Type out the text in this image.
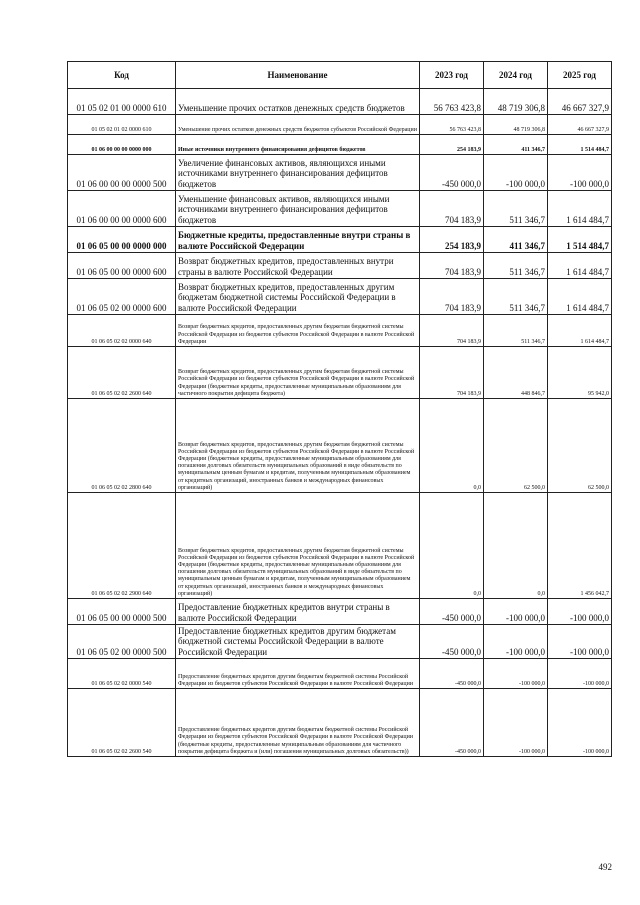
Код	Наименование	2023 год	2024 год	2025 год
01 05 02 01 00 0000 610	Уменьшение прочих остатков денежных средств бюджетов	56 763 423,8	48 719 306,8	46 667 327,9
01 05 02 01 02 0000 610	Уменьшение прочих остатков денежных средств бюджетов субъектов Российской Федерации	56 763 423,8	48 719 306,8	46 667 327,9
01 06 00 00 00 0000 000	Иные источники внутреннего финансирования дефицитов бюджетов	254 183,9	411 346,7	1 514 484,7
01 06 00 00 00 0000 500	Увеличение финансовых активов, являющихся иными источниками внутреннего финансирования дефицитов бюджетов	-450 000,0	-100 000,0	-100 000,0
01 06 00 00 00 0000 600	Уменьшение финансовых активов, являющихся иными источниками внутреннего финансирования дефицитов бюджетов	704 183,9	511 346,7	1 614 484,7
01 06 05 00 00 0000 000	Бюджетные кредиты, предоставленные внутри страны в валюте Российской Федерации	254 183,9	411 346,7	1 514 484,7
01 06 05 00 00 0000 600	Возврат бюджетных кредитов, предоставленных внутри страны в валюте Российской Федерации	704 183,9	511 346,7	1 614 484,7
01 06 05 02 00 0000 600	Возврат бюджетных кредитов, предоставленных другим бюджетам бюджетной системы Российской Федерации в валюте Российской Федерации	704 183,9	511 346,7	1 614 484,7
01 06 05 02 02 0000 640	Возврат бюджетных кредитов, предоставленных другим бюджетам бюджетной системы Российской Федерации из бюджетов субъектов Российской Федерации в валюте Российской Федерации	704 183,9	511 346,7	1 614 484,7
01 06 05 02 02 2600 640	Возврат бюджетных кредитов, предоставленных другим бюджетам бюджетной системы Российской Федерации из бюджетов субъектов Российской Федерации в валюте Российской Федерации (бюджетные кредиты, предоставленные муниципальным образованиям для частичного покрытия дефицита бюджета)	704 183,9	448 846,7	95 942,0
01 06 05 02 02 2800 640	Возврат бюджетных кредитов, предоставленных другим бюджетам бюджетной системы Российской Федерации из бюджетов субъектов Российской Федерации в валюте Российской Федерации (бюджетные кредиты, предоставленные муниципальным образованиям для погашения долговых обязательств муниципальных образований в виде обязательств по муниципальным ценным бумагам и кредитам, полученным муниципальным образованием от кредитных организаций, иностранных банков и международных финансовых организаций)	0,0	62 500,0	62 500,0
01 06 05 02 02 2900 640	Возврат бюджетных кредитов, предоставленных другим бюджетам бюджетной системы Российской Федерации из бюджетов субъектов Российской Федерации в валюте Российской Федерации (бюджетные кредиты, предоставленные муниципальным образованиям для погашения долговых обязательств муниципальных образований в виде обязательств по муниципальным ценным бумагам и кредитам, полученным муниципальным образованием от кредитных организаций, иностранных банков и международных финансовых организаций)	0,0	0,0	1 456 042,7
01 06 05 00 00 0000 500	Предоставление бюджетных кредитов внутри страны в валюте Российской Федерации	-450 000,0	-100 000,0	-100 000,0
01 06 05 02 00 0000 500	Предоставление бюджетных кредитов другим бюджетам бюджетной системы Российской Федерации в валюте Российской Федерации	-450 000,0	-100 000,0	-100 000,0
01 06 05 02 02 0000 540	Предоставление бюджетных кредитов другим бюджетам бюджетной системы Российской Федерации из бюджетов субъектов Российской Федерации в валюте Российской Федерации	-450 000,0	-100 000,0	-100 000,0
01 06 05 02 02 2600 540	Предоставление бюджетных кредитов другим бюджетам бюджетной системы Российской Федерации из бюджетов субъектов Российской Федерации в валюте Российской Федерации (бюджетные кредиты, предоставленные муниципальным образованиям для частичного покрытия дефицита бюджета и (или) погашения муниципальных долговых обязательств))	-450 000,0	-100 000,0	-100 000,0
492
